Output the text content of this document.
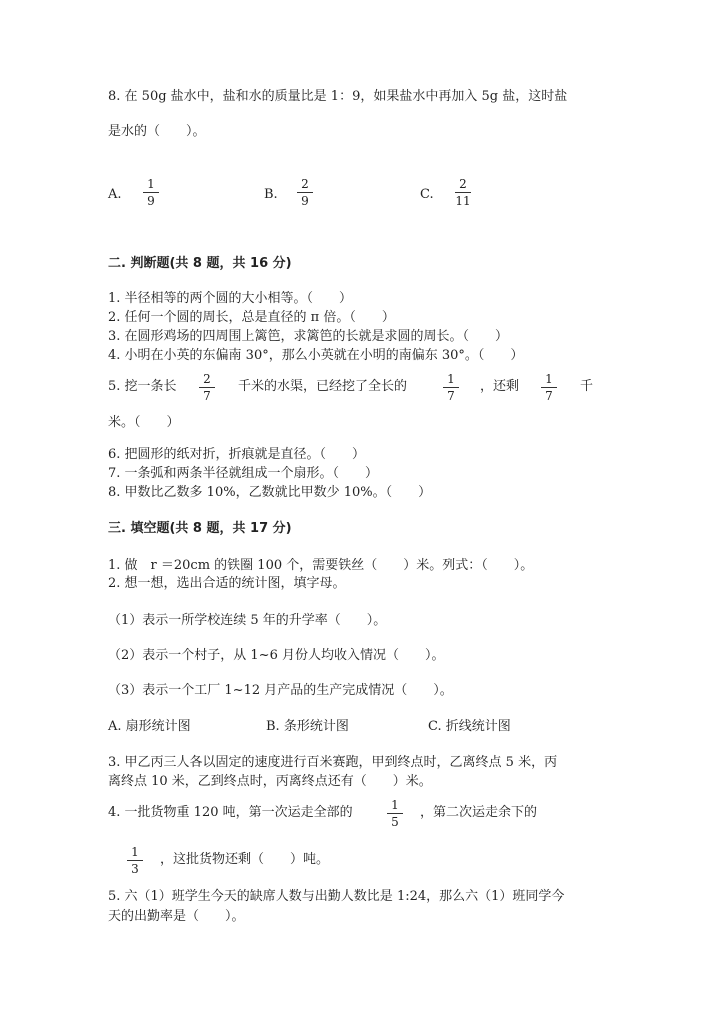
8. 在 50g 盐水中，盐和水的质量比是 1：9，如果盐水中再加入 5g 盐，这时盐
是水的（　　）。
A.
1
9	B.
2
9	C.
2
11
二. 判断题(共 8 题，共 16 分)
1. 半径相等的两个圆的大小相等。（　　）
2. 任何一个圆的周长，总是直径的 π 倍。（　　）
3. 在圆形鸡场的四周围上篱笆，求篱笆的长就是求圆的周长。（　　）
4. 小明在小英的东偏南 30°，那么小英就在小明的南偏东 30°。（　　）
5. 挖一条长	2
7
千米的水渠，已经挖了全长的	1
7
，还剩	1
7
千
米。（　　）
6. 把圆形的纸对折，折痕就是直径。（　　）
7. 一条弧和两条半径就组成一个扇形。（　　）
8. 甲数比乙数多 10%，乙数就比甲数少 10%。（　　）
三. 填空题(共 8 题，共 17 分)
1. 做　r ＝20cm 的铁圈 100 个，需要铁丝（　　）米。列式：（　　）。
2. 想一想，选出合适的统计图，填字母。
（1）表示一所学校连续 5 年的升学率（　　）。
（2）表示一个村子，从 1~6 月份人均收入情况（　　）。
（3）表示一个工厂 1~12 月产品的生产完成情况（　　）。
A. 扇形统计图	B. 条形统计图	C. 折线统计图
3. 甲乙丙三人各以固定的速度进行百米赛跑，甲到终点时，乙离终点 5 米，丙
离终点 10 米，乙到终点时，丙离终点还有（　　）米。
4. 一批货物重 120 吨，第一次运走全部的	1
5
，第二次运走余下的
1
3
，这批货物还剩（　　）吨。
5. 六（1）班学生今天的缺席人数与出勤人数比是 1:24，那么六（1）班同学今
天的出勤率是（　　）。
